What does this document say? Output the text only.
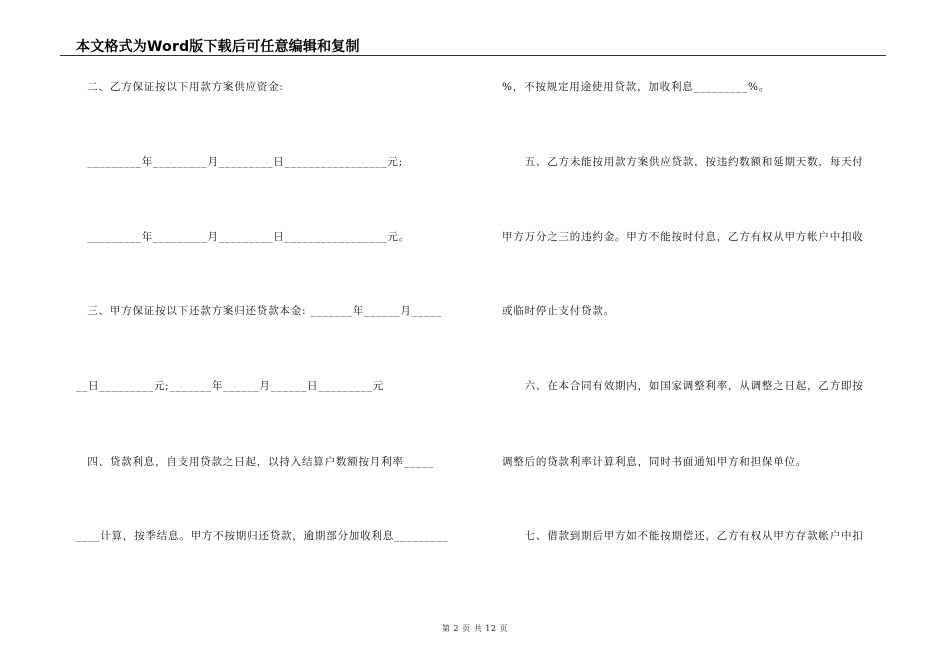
本文格式为Word版下载后可任意编辑和复制
　二、乙方保证按以下用款方案供应资金:
　_________年_________月_________日_________________元;
　_________年_________月_________日_________________元。
　三、甲方保证按以下还款方案归还贷款本金: _______年______月_____
__日_________元;_______年______月______日_________元
　四、贷款利息，自支用贷款之日起，以持入结算户数额按月利率_____
____计算，按季结息。甲方不按期归还贷款，逾期部分加收利息_________
%，不按规定用途使用贷款，加收利息_________%。
　　五、乙方未能按用款方案供应贷款，按违约数额和延期天数，每天付
甲方万分之三的违约金。甲方不能按时付息，乙方有权从甲方帐户中扣收
或临时停止支付贷款。
　　六、在本合同有效期内，如国家调整利率，从调整之日起，乙方即按
调整后的贷款利率计算利息，同时书面通知甲方和担保单位。
　　七、借款到期后甲方如不能按期偿还，乙方有权从甲方存款帐户中扣
第 2 页 共 12 页
